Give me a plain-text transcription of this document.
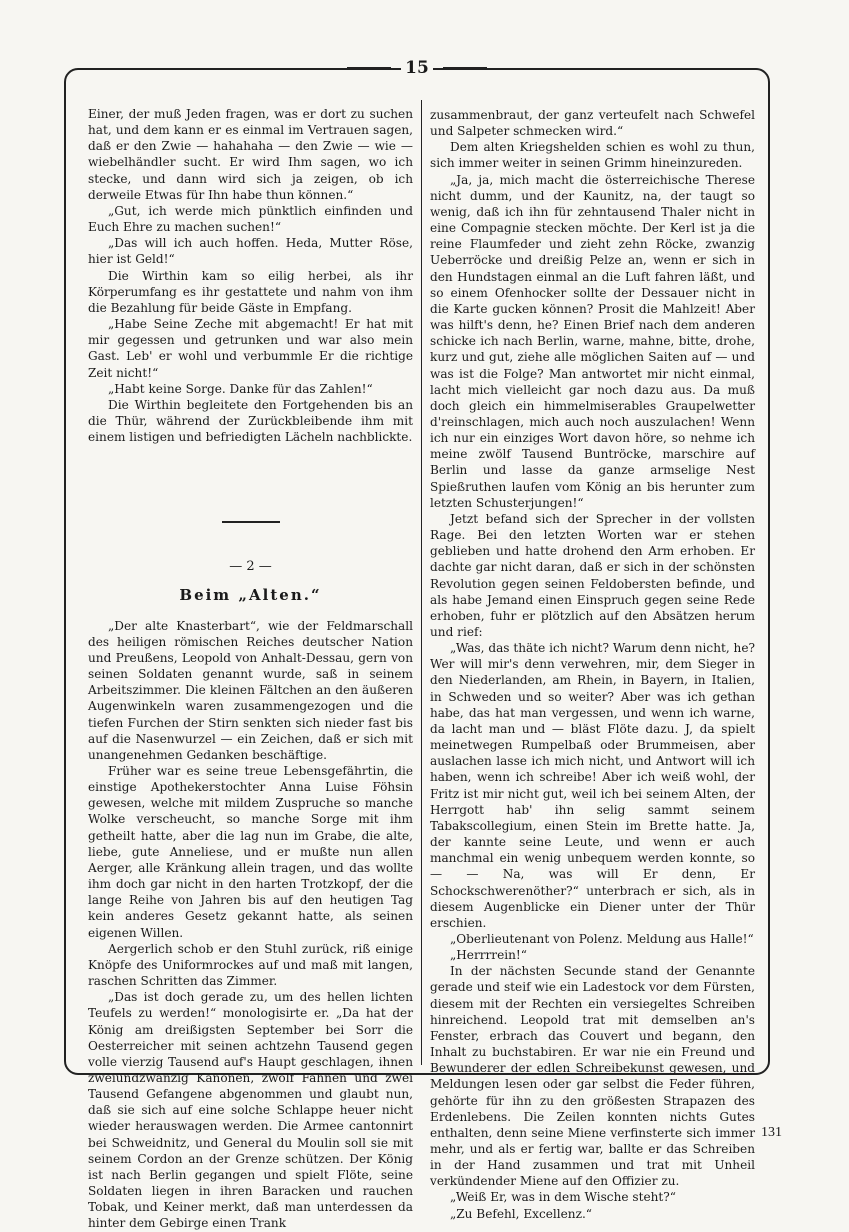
15

Einer, der muß Jeden fragen, was er dort zu suchen hat, und dem kann er es einmal im Vertrauen sagen, daß er den Zwie — hahahaha — den Zwie — wie — wiebelhändler sucht. Er wird Ihm sagen, wo ich stecke, und dann wird sich ja zeigen, ob ich derweile Etwas für Ihn habe thun können.“

„Gut, ich werde mich pünktlich einfinden und Euch Ehre zu machen suchen!“

„Das will ich auch hoffen. Heda, Mutter Röse, hier ist Geld!“

Die Wirthin kam so eilig herbei, als ihr Körperumfang es ihr gestattete und nahm von ihm die Bezahlung für beide Gäste in Empfang.

„Habe Seine Zeche mit abgemacht! Er hat mit mir gegessen und getrunken und war also mein Gast. Leb' er wohl und verbummle Er die richtige Zeit nicht!“

„Habt keine Sorge. Danke für das Zahlen!“

Die Wirthin begleitete den Fortgehenden bis an die Thür, während der Zurückbleibende ihm mit einem listigen und befriedigten Lächeln nachblickte.

— 2 —
Beim „Alten.“

„Der alte Knasterbart“, wie der Feldmarschall des heiligen römischen Reiches deutscher Nation und Preußens, Leopold von Anhalt-Dessau, gern von seinen Soldaten genannt wurde, saß in seinem Arbeitszimmer. Die kleinen Fältchen an den äußeren Augenwinkeln waren zusammengezogen und die tiefen Furchen der Stirn senkten sich nieder fast bis auf die Nasenwurzel — ein Zeichen, daß er sich mit unangenehmen Gedanken beschäftige.

Früher war es seine treue Lebensgefährtin, die einstige Apothekerstochter Anna Luise Föhsin gewesen, welche mit mildem Zuspruche so manche Wolke verscheucht, so manche Sorge mit ihm getheilt hatte, aber die lag nun im Grabe, die alte, liebe, gute Anneliese, und er mußte nun allen Aerger, alle Kränkung allein tragen, und das wollte ihm doch gar nicht in den harten Trotzkopf, der die lange Reihe von Jahren bis auf den heutigen Tag kein anderes Gesetz gekannt hatte, als seinen eigenen Willen.

Aergerlich schob er den Stuhl zurück, riß einige Knöpfe des Uniformrockes auf und maß mit langen, raschen Schritten das Zimmer.

„Das ist doch gerade zu, um des hellen lichten Teufels zu werden!“ monologisirte er. „Da hat der König am dreißigsten September bei Sorr die Oesterreicher mit seinen achtzehn Tausend gegen volle vierzig Tausend auf's Haupt geschlagen, ihnen zweiundzwanzig Kanonen, zwölf Fahnen und zwei Tausend Gefangene abgenommen und glaubt nun, daß sie sich auf eine solche Schlappe heuer nicht wieder herauswagen werden. Die Armee cantonnirt bei Schweidnitz, und General du Moulin soll sie mit seinem Cordon an der Grenze schützen. Der König ist nach Berlin gegangen und spielt Flöte, seine Soldaten liegen in ihren Baracken und rauchen Tobak, und Keiner merkt, daß man unterdessen da hinter dem Gebirge einen Trank

zusammenbraut, der ganz verteufelt nach Schwefel und Salpeter schmecken wird.“

Dem alten Kriegshelden schien es wohl zu thun, sich immer weiter in seinen Grimm hineinzureden.

„Ja, ja, mich macht die österreichische Therese nicht dumm, und der Kaunitz, na, der taugt so wenig, daß ich ihn für zehntausend Thaler nicht in eine Compagnie stecken möchte. Der Kerl ist ja die reine Flaumfeder und zieht zehn Röcke, zwanzig Ueberröcke und dreißig Pelze an, wenn er sich in den Hundstagen einmal an die Luft fahren läßt, und so einem Ofenhocker sollte der Dessauer nicht in die Karte gucken können? Prosit die Mahlzeit! Aber was hilft's denn, he? Einen Brief nach dem anderen schicke ich nach Berlin, warne, mahne, bitte, drohe, kurz und gut, ziehe alle möglichen Saiten auf — und was ist die Folge? Man antwortet mir nicht einmal, lacht mich vielleicht gar noch dazu aus. Da muß doch gleich ein himmelmiserables Graupelwetter d'reinschlagen, mich auch noch auszulachen! Wenn ich nur ein einziges Wort davon höre, so nehme ich meine zwölf Tausend Buntröcke, marschire auf Berlin und lasse da ganze armselige Nest Spießruthen laufen vom König an bis herunter zum letzten Schusterjungen!“

Jetzt befand sich der Sprecher in der vollsten Rage. Bei den letzten Worten war er stehen geblieben und hatte drohend den Arm erhoben. Er dachte gar nicht daran, daß er sich in der schönsten Revolution gegen seinen Feldobersten befinde, und als habe Jemand einen Einspruch gegen seine Rede erhoben, fuhr er plötzlich auf den Absätzen herum und rief:

„Was, das thäte ich nicht? Warum denn nicht, he? Wer will mir's denn verwehren, mir, dem Sieger in den Niederlanden, am Rhein, in Bayern, in Italien, in Schweden und so weiter? Aber was ich gethan habe, das hat man vergessen, und wenn ich warne, da lacht man und — bläst Flöte dazu. J, da spielt meinetwegen Rumpelbaß oder Brummeisen, aber auslachen lasse ich mich nicht, und Antwort will ich haben, wenn ich schreibe! Aber ich weiß wohl, der Fritz ist mir nicht gut, weil ich bei seinem Alten, der Herrgott hab' ihn selig sammt seinem Tabakscollegium, einen Stein im Brette hatte. Ja, der kannte seine Leute, und wenn er auch manchmal ein wenig unbequem werden konnte, so — — Na, was will Er denn, Er Schockschwerenöther?“ unterbrach er sich, als in diesem Augenblicke ein Diener unter der Thür erschien.

„Oberlieutenant von Polenz. Meldung aus Halle!“

„Herrrrein!“

In der nächsten Secunde stand der Genannte gerade und steif wie ein Ladestock vor dem Fürsten, diesem mit der Rechten ein versiegeltes Schreiben hinreichend. Leopold trat mit demselben an's Fenster, erbrach das Couvert und begann, den Inhalt zu buchstabiren. Er war nie ein Freund und Bewunderer der edlen Schreibekunst gewesen, und Meldungen lesen oder gar selbst die Feder führen, gehörte für ihn zu den größesten Strapazen des Erdenlebens. Die Zeilen konnten nichts Gutes enthalten, denn seine Miene verfinsterte sich immer mehr, und als er fertig war, ballte er das Schreiben in der Hand zusammen und trat mit Unheil verkündender Miene auf den Offizier zu.

„Weiß Er, was in dem Wische steht?“

„Zu Befehl, Excellenz.“

131
